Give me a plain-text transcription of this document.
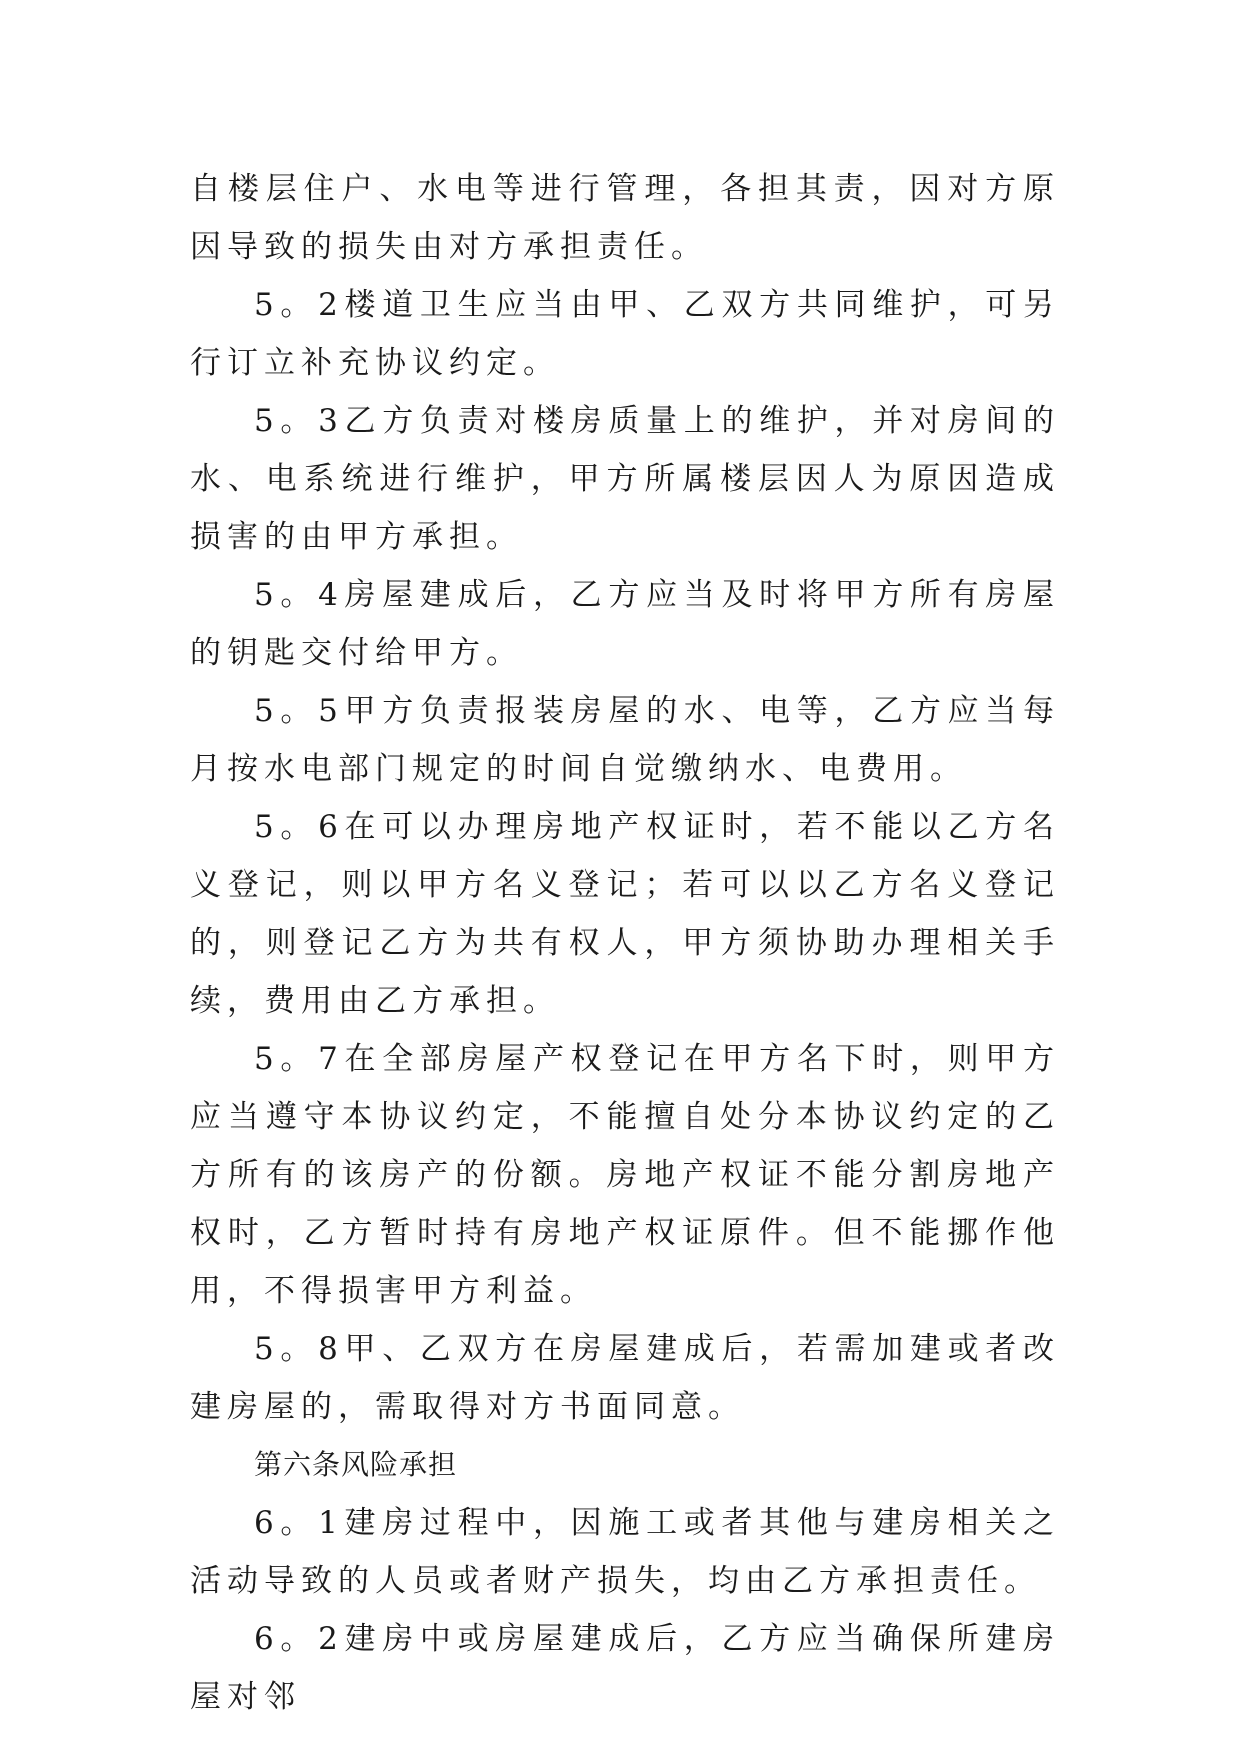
自楼层住户、水电等进行管理，各担其责，因对方原因导致的损失由对方承担责任。

5。2楼道卫生应当由甲、乙双方共同维护，可另行订立补充协议约定。

5。3乙方负责对楼房质量上的维护，并对房间的水、电系统进行维护，甲方所属楼层因人为原因造成损害的由甲方承担。

5。4房屋建成后，乙方应当及时将甲方所有房屋的钥匙交付给甲方。

5。5甲方负责报装房屋的水、电等，乙方应当每月按水电部门规定的时间自觉缴纳水、电费用。

5。6在可以办理房地产权证时，若不能以乙方名义登记，则以甲方名义登记；若可以以乙方名义登记的，则登记乙方为共有权人，甲方须协助办理相关手续，费用由乙方承担。

5。7在全部房屋产权登记在甲方名下时，则甲方应当遵守本协议约定，不能擅自处分本协议约定的乙方所有的该房产的份额。房地产权证不能分割房地产权时，乙方暂时持有房地产权证原件。但不能挪作他用，不得损害甲方利益。

5。8甲、乙双方在房屋建成后，若需加建或者改建房屋的，需取得对方书面同意。

第六条风险承担

6。1建房过程中，因施工或者其他与建房相关之活动导致的人员或者财产损失，均由乙方承担责任。

6。2建房中或房屋建成后，乙方应当确保所建房屋对邻
